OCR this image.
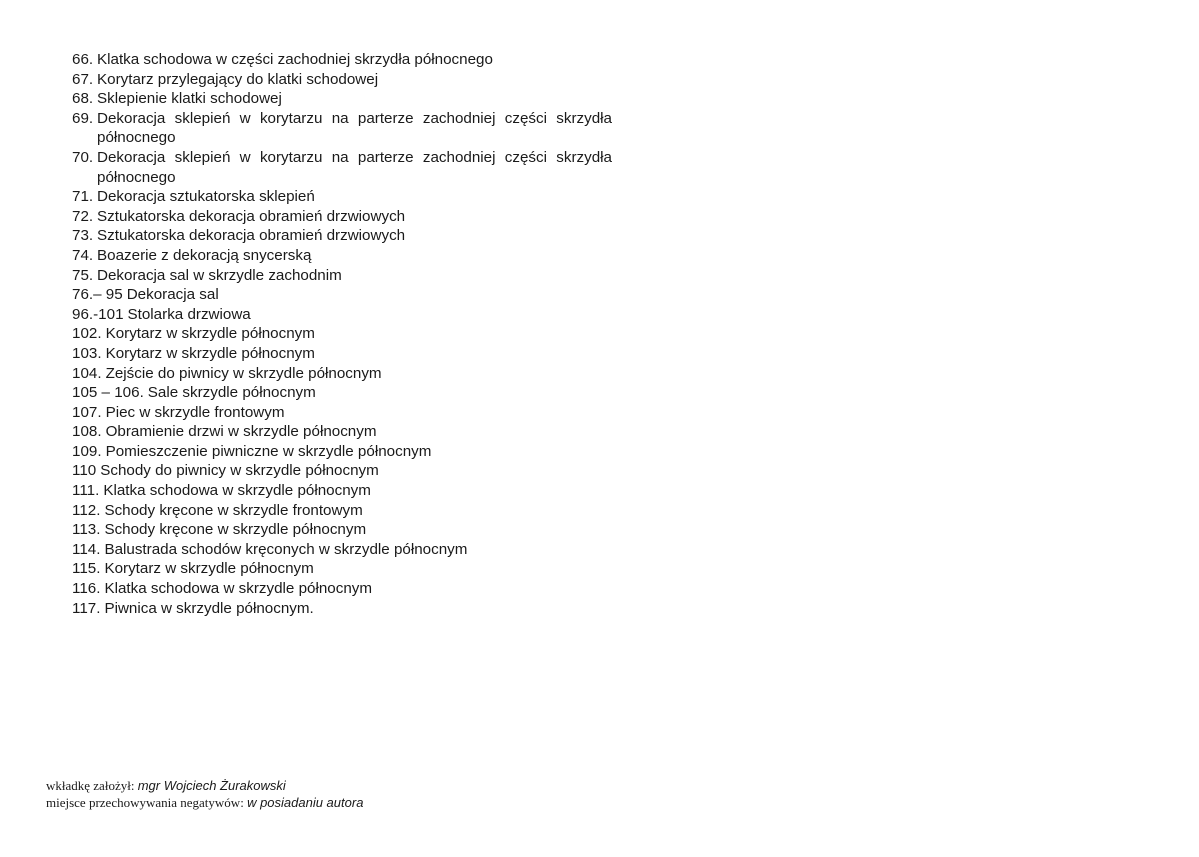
66. Klatka schodowa w części zachodniej skrzydła północnego
67. Korytarz przylegający do klatki schodowej
68. Sklepienie klatki schodowej
69. Dekoracja sklepień w korytarzu na parterze zachodniej części skrzydła północnego
70. Dekoracja sklepień w korytarzu na parterze zachodniej części skrzydła północnego
71. Dekoracja sztukatorska sklepień
72. Sztukatorska dekoracja obramień drzwiowych
73. Sztukatorska dekoracja obramień drzwiowych
74. Boazerie z dekoracją snycerską
75. Dekoracja sal w skrzydle zachodnim
76.– 95 Dekoracja sal
96.-101 Stolarka drzwiowa
102. Korytarz w skrzydle północnym
103. Korytarz w skrzydle północnym
104. Zejście do piwnicy w skrzydle północnym
105 – 106. Sale skrzydle północnym
107. Piec w skrzydle frontowym
108. Obramienie drzwi w skrzydle północnym
109. Pomieszczenie piwniczne w skrzydle północnym
110 Schody do piwnicy w skrzydle północnym
111. Klatka schodowa w skrzydle północnym
112. Schody kręcone w skrzydle frontowym
113. Schody kręcone w skrzydle północnym
114. Balustrada schodów kręconych w skrzydle północnym
115. Korytarz w skrzydle północnym
116. Klatka schodowa w skrzydle północnym
117. Piwnica w skrzydle północnym.
wkładkę założył: mgr Wojciech Żurakowski
miejsce przechowywania negatywów: w posiadaniu autora
